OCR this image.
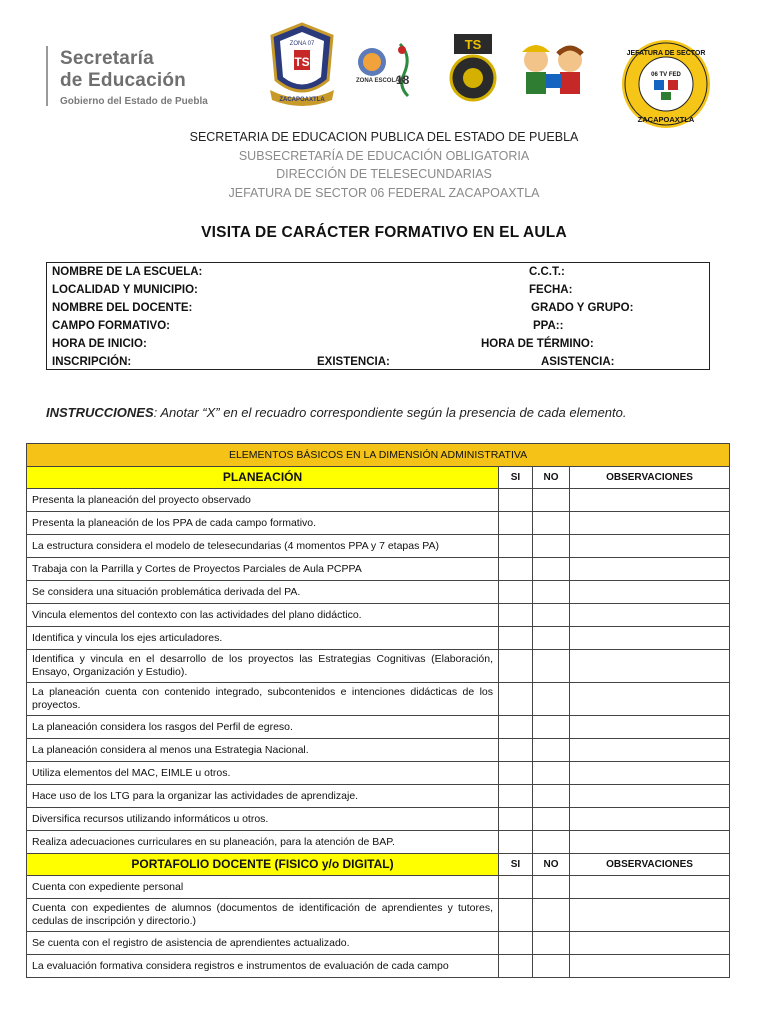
Secretaría
de Educación
Gobierno del Estado de Puebla
ZONA 07
TS
ZACAPOAXTLA
ZONA ESCOLAR
18
TS
JEFATURA DE SECTOR
06 TV FED
ZACAPOAXTLA
SECRETARIA DE EDUCACION PUBLICA DEL ESTADO DE PUEBLA
SUBSECRETARÍA DE EDUCACIÓN OBLIGATORIA
DIRECCIÓN DE TELESECUNDARIAS
JEFATURA DE SECTOR 06 FEDERAL ZACAPOAXTLA
VISITA DE CARÁCTER FORMATIVO EN EL AULA
NOMBRE DE LA ESCUELA:	C.C.T.:
LOCALIDAD Y MUNICIPIO:	FECHA:
NOMBRE DEL DOCENTE:	GRADO Y GRUPO:
CAMPO FORMATIVO:	PPA::
HORA DE INICIO:	HORA DE TÉRMINO:
INSCRIPCIÓN:	EXISTENCIA:	ASISTENCIA:
INSTRUCCIONES: Anotar “X” en el recuadro correspondiente según la presencia de cada elemento.
ELEMENTOS BÁSICOS EN LA DIMENSIÓN ADMINISTRATIVA			
PLANEACIÓN	SI	NO	OBSERVACIONES
Presenta la planeación del proyecto observado			
Presenta la planeación de los PPA de cada campo formativo.			
La estructura considera el modelo de telesecundarias (4 momentos PPA y 7 etapas PA)			
Trabaja con la Parrilla y Cortes de Proyectos Parciales de Aula PCPPA			
Se considera una situación problemática derivada del PA.			
Vincula elementos del contexto con las actividades del plano didáctico.			
Identifica y vincula los ejes articuladores.			
Identifica y vincula en el desarrollo de los proyectos las Estrategias Cognitivas (Elaboración, Ensayo, Organización y Estudio).			
La planeación cuenta con contenido integrado, subcontenidos e intenciones didácticas de los proyectos.			
La planeación considera los rasgos del Perfil de egreso.			
La planeación considera al menos una Estrategia Nacional.			
Utiliza elementos del MAC, EIMLE u otros.			
Hace uso de los LTG para la organizar las actividades de aprendizaje.			
Diversifica recursos utilizando informáticos u otros.			
Realiza adecuaciones curriculares en su planeación, para la atención de BAP.			
PORTAFOLIO DOCENTE (FISICO y/o DIGITAL)	SI	NO	OBSERVACIONES
Cuenta con expediente personal			
Cuenta con expedientes de alumnos (documentos de identificación de aprendientes y tutores, cedulas de inscripción y directorio.)			
Se cuenta con el registro de asistencia de aprendientes actualizado.			
La evaluación formativa considera registros e instrumentos de evaluación de cada campo			
